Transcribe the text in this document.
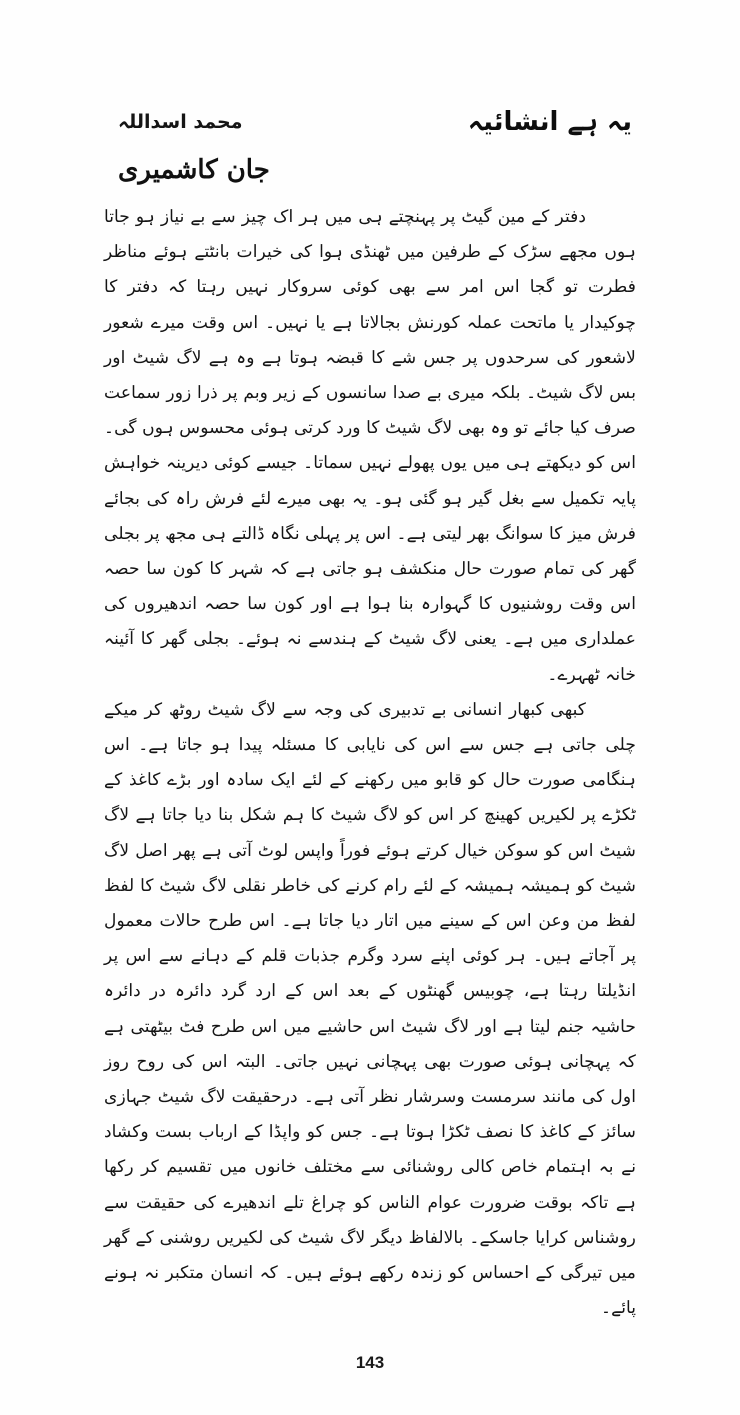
یہ ہے انشائیہ
محمد اسداللہ
جان کاشمیری

دفتر کے مین گیٹ پر پہنچتے ہی میں ہر اک چیز سے بے نیاز ہو جاتا ہوں مجھے سڑک کے طرفین میں ٹھنڈی ہوا کی خیرات بانٹتے ہوئے مناظر فطرت تو گجا اس امر سے بھی کوئی سروکار نہیں رہتا کہ دفتر کا چوکیدار یا ماتحت عملہ کورنش بجالاتا ہے یا نہیں۔ اس وقت میرے شعور لاشعور کی سرحدوں پر جس شے کا قبضہ ہوتا ہے وہ ہے لاگ شیٹ اور بس لاگ شیٹ۔ بلکہ میری بے صدا سانسوں کے زیر وبم پر ذرا زور سماعت صرف کیا جائے تو وہ بھی لاگ شیٹ کا ورد کرتی ہوئی محسوس ہوں گی۔ اس کو دیکھتے ہی میں یوں پھولے نہیں سماتا۔ جیسے کوئی دیرینہ خواہش پایہ تکمیل سے بغل گیر ہو گئی ہو۔ یہ بھی میرے لئے فرش راہ کی بجائے فرش میز کا سوانگ بھر لیتی ہے۔ اس پر پہلی نگاہ ڈالتے ہی مجھ پر بجلی گھر کی تمام صورت حال منکشف ہو جاتی ہے کہ شہر کا کون سا حصہ اس وقت روشنیوں کا گہوارہ بنا ہوا ہے اور کون سا حصہ اندھیروں کی عملداری میں ہے۔ یعنی لاگ شیٹ کے ہندسے نہ ہوئے۔ بجلی گھر کا آئینہ خانہ ٹھہرے۔

کبھی کبھار انسانی بے تدبیری کی وجہ سے لاگ شیٹ روٹھ کر میکے چلی جاتی ہے جس سے اس کی نایابی کا مسئلہ پیدا ہو جاتا ہے۔ اس ہنگامی صورت حال کو قابو میں رکھنے کے لئے ایک سادہ اور بڑے کاغذ کے ٹکڑے پر لکیریں کھینچ کر اس کو لاگ شیٹ کا ہم شکل بنا دیا جاتا ہے لاگ شیٹ اس کو سوکن خیال کرتے ہوئے فوراً واپس لوٹ آتی ہے پھر اصل لاگ شیٹ کو ہمیشہ ہمیشہ کے لئے رام کرنے کی خاطر نقلی لاگ شیٹ کا لفظ لفظ من وعن اس کے سینے میں اتار دیا جاتا ہے۔ اس طرح حالات معمول پر آجاتے ہیں۔ ہر کوئی اپنے سرد وگرم جذبات قلم کے دہانے سے اس پر انڈیلتا رہتا ہے، چوبیس گھنٹوں کے بعد اس کے ارد گرد دائرہ در دائرہ حاشیہ جنم لیتا ہے اور لاگ شیٹ اس حاشیے میں اس طرح فٹ بیٹھتی ہے کہ پہچانی ہوئی صورت بھی پہچانی نہیں جاتی۔ البتہ اس کی روح روز اول کی مانند سرمست وسرشار نظر آتی ہے۔ درحقیقت لاگ شیٹ جہازی سائز کے کاغذ کا نصف ٹکڑا ہوتا ہے۔ جس کو واپڈا کے ارباب بست وکشاد نے بہ اہتمام خاص کالی روشنائی سے مختلف خانوں میں تقسیم کر رکھا ہے تاکہ بوقت ضرورت عوام الناس کو چراغ تلے اندھیرے کی حقیقت سے روشناس کرایا جاسکے۔ بالالفاظ دیگر لاگ شیٹ کی لکیریں روشنی کے گھر میں تیرگی کے احساس کو زندہ رکھے ہوئے ہیں۔ کہ انسان متکبر نہ ہونے پائے۔

143
